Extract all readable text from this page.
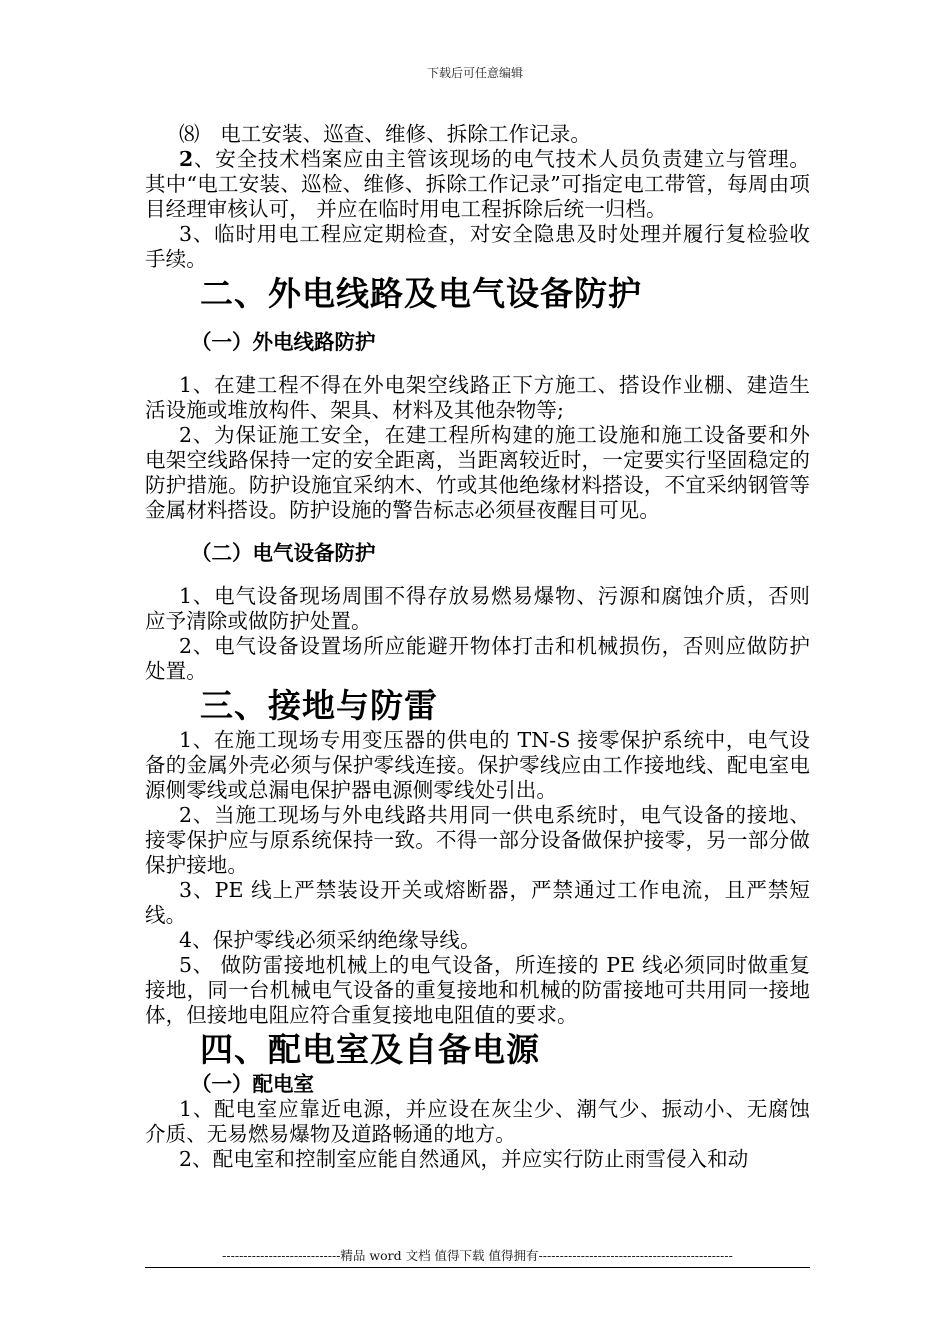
下载后可任意编辑

⑻　电工安装、巡查、维修、拆除工作记录。

2、安全技术档案应由主管该现场的电气技术人员负责建立与管理。其中“电工安装、巡检、维修、拆除工作记录”可指定电工带管，每周由项目经理审核认可， 并应在临时用电工程拆除后统一归档。

3、临时用电工程应定期检查，对安全隐患及时处理并履行复检验收手续。

二、外电线路及电气设备防护
（一）外电线路防护

1、在建工程不得在外电架空线路正下方施工、搭设作业棚、建造生活设施或堆放构件、架具、材料及其他杂物等;

2、为保证施工安全，在建工程所构建的施工设施和施工设备要和外电架空线路保持一定的安全距离，当距离较近时，一定要实行坚固稳定的防护措施。防护设施宜采纳木、竹或其他绝缘材料搭设，不宜采纳钢管等金属材料搭设。防护设施的警告标志必须昼夜醒目可见。

（二）电气设备防护

1、电气设备现场周围不得存放易燃易爆物、污源和腐蚀介质，否则应予清除或做防护处置。

2、电气设备设置场所应能避开物体打击和机械损伤，否则应做防护处置。

三、接地与防雷

1、在施工现场专用变压器的供电的 TN-S 接零保护系统中，电气设备的金属外壳必须与保护零线连接。保护零线应由工作接地线、配电室电源侧零线或总漏电保护器电源侧零线处引出。

2、当施工现场与外电线路共用同一供电系统时，电气设备的接地、接零保护应与原系统保持一致。不得一部分设备做保护接零，另一部分做保护接地。

3、PE 线上严禁装设开关或熔断器，严禁通过工作电流，且严禁短线。

4、保护零线必须采纳绝缘导线。

5、 做防雷接地机械上的电气设备，所连接的 PE 线必须同时做重复接地，同一台机械电气设备的重复接地和机械的防雷接地可共用同一接地体，但接地电阻应符合重复接地电阻值的要求。

四、配电室及自备电源
（一）配电室

1、配电室应靠近电源，并应设在灰尘少、潮气少、振动小、无腐蚀介质、无易燃易爆物及道路畅通的地方。

2、配电室和控制室应能自然通风，并应实行防止雨雪侵入和动

----------------------------精品 word 文档 值得下载 值得拥有----------------------------------------------
